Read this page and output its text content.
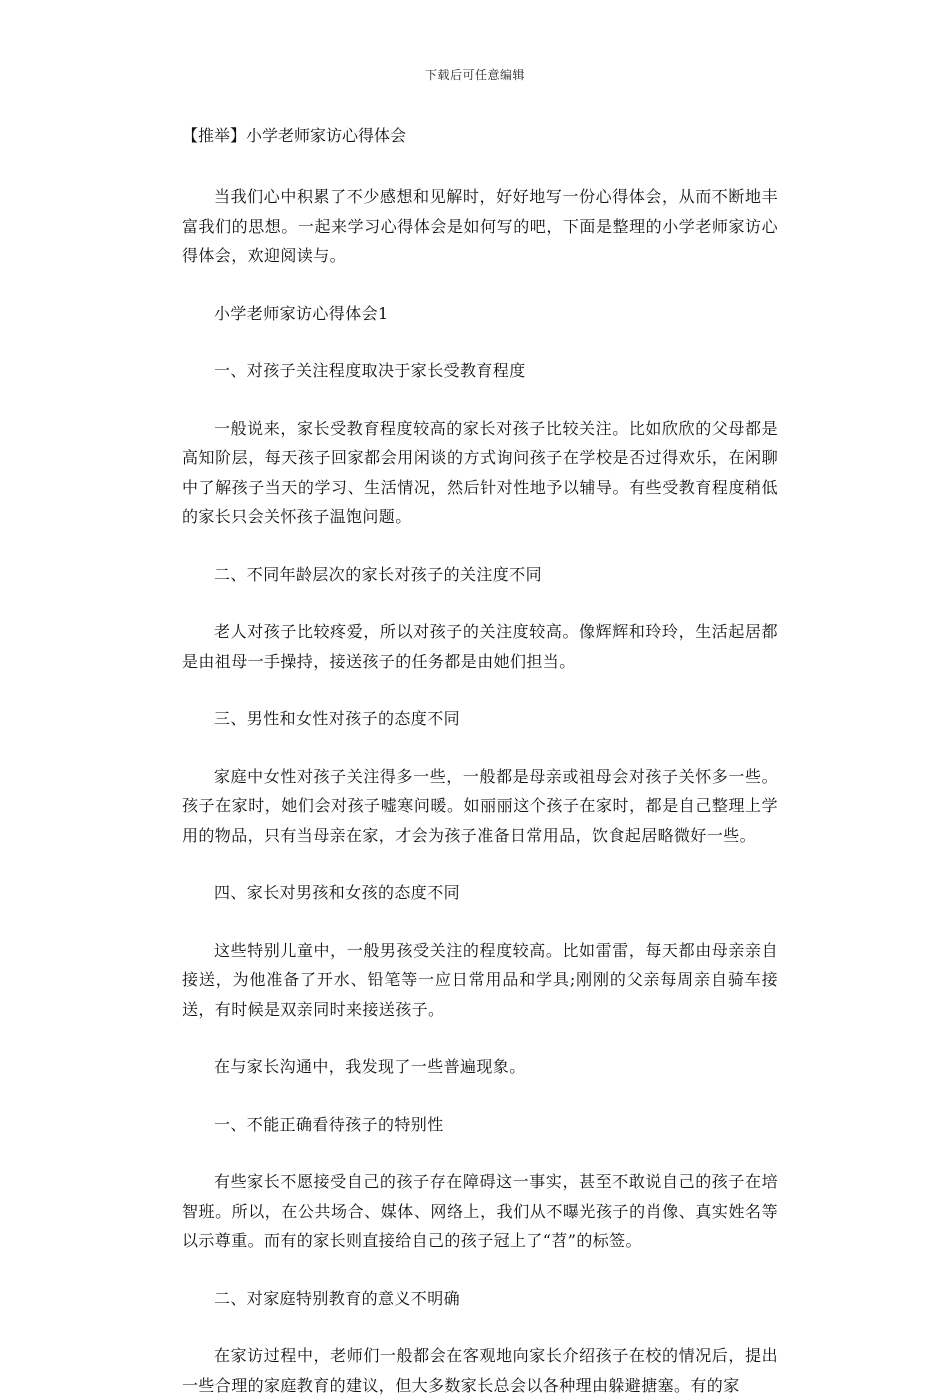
下载后可任意编辑
【推举】小学老师家访心得体会

当我们心中积累了不少感想和见解时，好好地写一份心得体会，从而不断地丰富我们的思想。一起来学习心得体会是如何写的吧，下面是整理的小学老师家访心得体会，欢迎阅读与。

小学老师家访心得体会1

一、对孩子关注程度取决于家长受教育程度

一般说来，家长受教育程度较高的家长对孩子比较关注。比如欣欣的父母都是高知阶层，每天孩子回家都会用闲谈的方式询问孩子在学校是否过得欢乐，在闲聊中了解孩子当天的学习、生活情况，然后针对性地予以辅导。有些受教育程度稍低的家长只会关怀孩子温饱问题。

二、不同年龄层次的家长对孩子的关注度不同

老人对孩子比较疼爱，所以对孩子的关注度较高。像辉辉和玲玲，生活起居都是由祖母一手操持，接送孩子的任务都是由她们担当。

三、男性和女性对孩子的态度不同

家庭中女性对孩子关注得多一些，一般都是母亲或祖母会对孩子关怀多一些。孩子在家时，她们会对孩子嘘寒问暖。如丽丽这个孩子在家时，都是自己整理上学用的物品，只有当母亲在家，才会为孩子准备日常用品，饮食起居略微好一些。

四、家长对男孩和女孩的态度不同

这些特别儿童中，一般男孩受关注的程度较高。比如雷雷，每天都由母亲亲自接送，为他准备了开水、铅笔等一应日常用品和学具;刚刚的父亲每周亲自骑车接送，有时候是双亲同时来接送孩子。

在与家长沟通中，我发现了一些普遍现象。

一、不能正确看待孩子的特别性

有些家长不愿接受自己的孩子存在障碍这一事实，甚至不敢说自己的孩子在培智班。所以，在公共场合、媒体、网络上，我们从不曝光孩子的肖像、真实姓名等以示尊重。而有的家长则直接给自己的孩子冠上了“苕”的标签。

二、对家庭特别教育的意义不明确

在家访过程中，老师们一般都会在客观地向家长介绍孩子在校的情况后，提出一些合理的家庭教育的建议，但大多数家长总会以各种理由躲避搪塞。有的家
